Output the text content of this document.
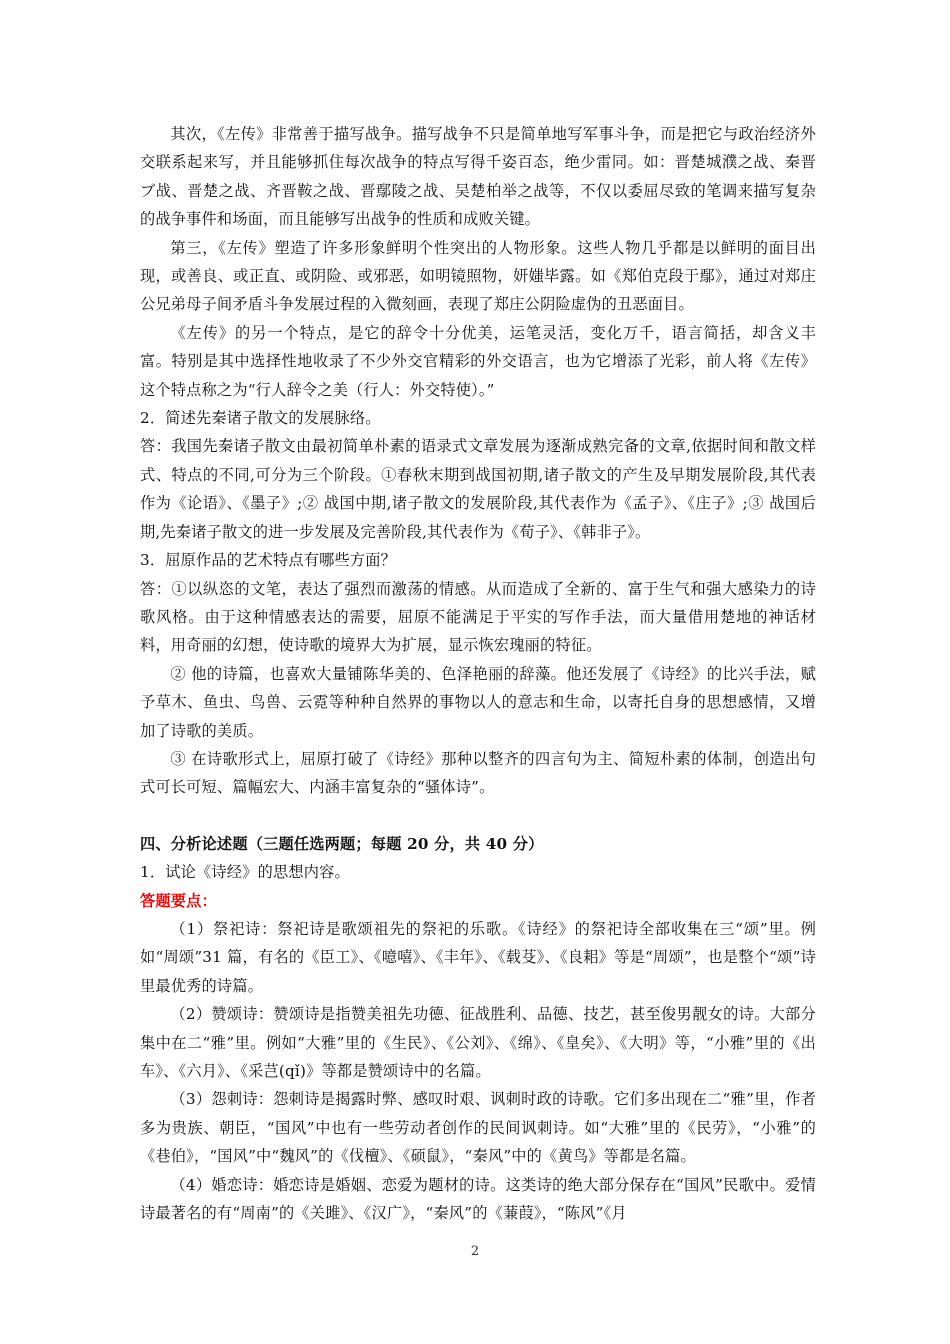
其次，《左传》非常善于描写战争。描写战争不只是简单地写军事斗争，而是把它与政治经济外交联系起来写，并且能够抓住每次战争的特点写得千姿百态，绝少雷同。如：晋楚城濮之战、秦晋ブ战、晋楚之战、齐晋鞍之战、晋鄢陵之战、吴楚柏举之战等，不仅以委屈尽致的笔调来描写复杂的战争事件和场面，而且能够写出战争的性质和成败关键。

第三，《左传》塑造了许多形象鲜明个性突出的人物形象。这些人物几乎都是以鲜明的面目出现，或善良、或正直、或阴险、或邪恶，如明镜照物，妍媸毕露。如《郑伯克段于鄢》，通过对郑庄公兄弟母子间矛盾斗争发展过程的入微刻画，表现了郑庄公阴险虚伪的丑恶面目。

《左传》的另一个特点，是它的辞令十分优美，运笔灵活，变化万千，语言简括，却含义丰富。特别是其中选择性地收录了不少外交官精彩的外交语言，也为它增添了光彩，前人将《左传》这个特点称之为“行人辞令之美（行人：外交特使）。”

2．简述先秦诸子散文的发展脉络。

答：我国先秦诸子散文由最初简单朴素的语录式文章发展为逐渐成熟完备的文章,依据时间和散文样式、特点的不同,可分为三个阶段。①春秋末期到战国初期,诸子散文的产生及早期发展阶段,其代表作为《论语》、《墨子》;② 战国中期,诸子散文的发展阶段,其代表作为《孟子》、《庄子》;③ 战国后期,先秦诸子散文的进一步发展及完善阶段,其代表作为《荀子》、《韩非子》。

3．屈原作品的艺术特点有哪些方面？

答：①以纵恣的文笔，表达了强烈而激荡的情感。从而造成了全新的、富于生气和强大感染力的诗歌风格。由于这种情感表达的需要，屈原不能满足于平实的写作手法，而大量借用楚地的神话材料，用奇丽的幻想，使诗歌的境界大为扩展，显示恢宏瑰丽的特征。

② 他的诗篇，也喜欢大量铺陈华美的、色泽艳丽的辞藻。他还发展了《诗经》的比兴手法，赋予草木、鱼虫、鸟兽、云霓等种种自然界的事物以人的意志和生命，以寄托自身的思想感情，又增加了诗歌的美质。

③ 在诗歌形式上，屈原打破了《诗经》那种以整齐的四言句为主、简短朴素的体制，创造出句式可长可短、篇幅宏大、内涵丰富复杂的“骚体诗”。

四、分析论述题（三题任选两题；每题 20 分，共 40 分）

1．试论《诗经》的思想内容。

答题要点：

（1）祭祀诗：祭祀诗是歌颂祖先的祭祀的乐歌。《诗经》的祭祀诗全部收集在三“颂”里。例如“周颂”31 篇，有名的《臣工》、《噫嘻》、《丰年》、《载芟》、《良耜》等是“周颂”，也是整个“颂”诗里最优秀的诗篇。

（2）赞颂诗：赞颂诗是指赞美祖先功德、征战胜利、品德、技艺，甚至俊男靓女的诗。大部分集中在二“雅”里。例如“大雅”里的《生民》、《公刘》、《绵》、《皇矣》、《大明》等，“小雅”里的《出车》、《六月》、《采芑(qǐ)》等都是赞颂诗中的名篇。

（3）怨刺诗：怨刺诗是揭露时弊、感叹时艰、讽刺时政的诗歌。它们多出现在二“雅”里，作者多为贵族、朝臣，“国风”中也有一些劳动者创作的民间讽刺诗。如“大雅”里的《民劳》，“小雅”的《巷伯》，“国风”中“魏风”的《伐檀》、《硕鼠》，“秦风”中的《黄鸟》等都是名篇。

（4）婚恋诗：婚恋诗是婚姻、恋爱为题材的诗。这类诗的绝大部分保存在“国风”民歌中。爱情诗最著名的有“周南”的《关雎》、《汉广》，“秦风”的《蒹葭》，“陈风”《月

2
